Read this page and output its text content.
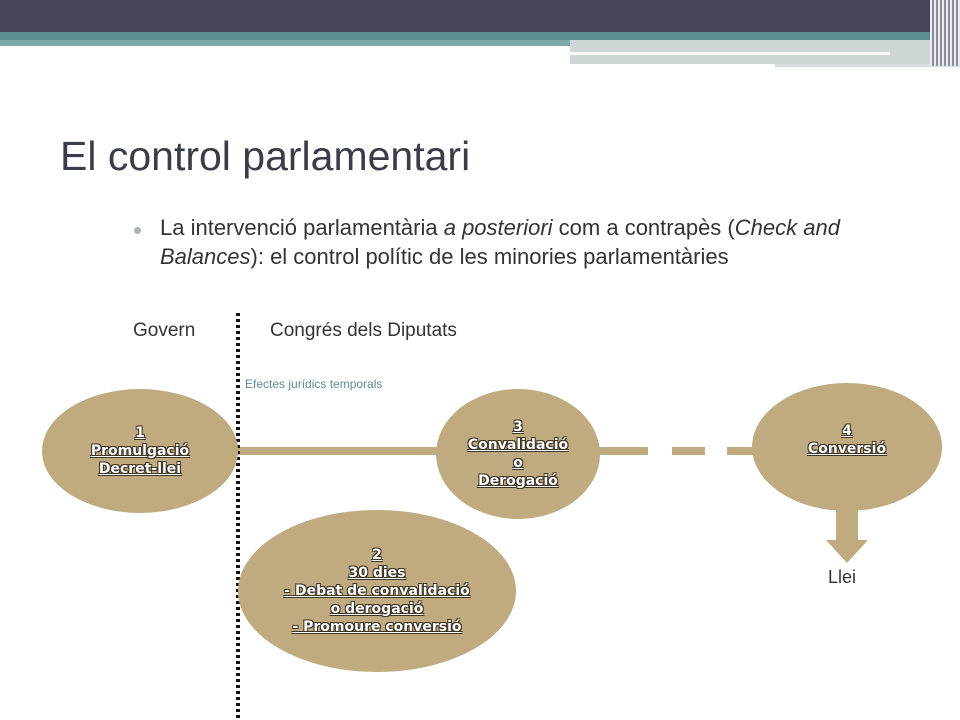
El control parlamentari
La intervenció parlamentària a posteriori com a contrapès (Check and Balances): el control polític de les minories parlamentàries
Govern	Congrés dels Diputats
Efectes jurídics temporals
1
Promulgació
Decret-llei
3
Convalidació
o
Derogació
4
Conversió
Llei
2
30 dies
- Debat de convalidació
o derogació
- Promoure conversió
